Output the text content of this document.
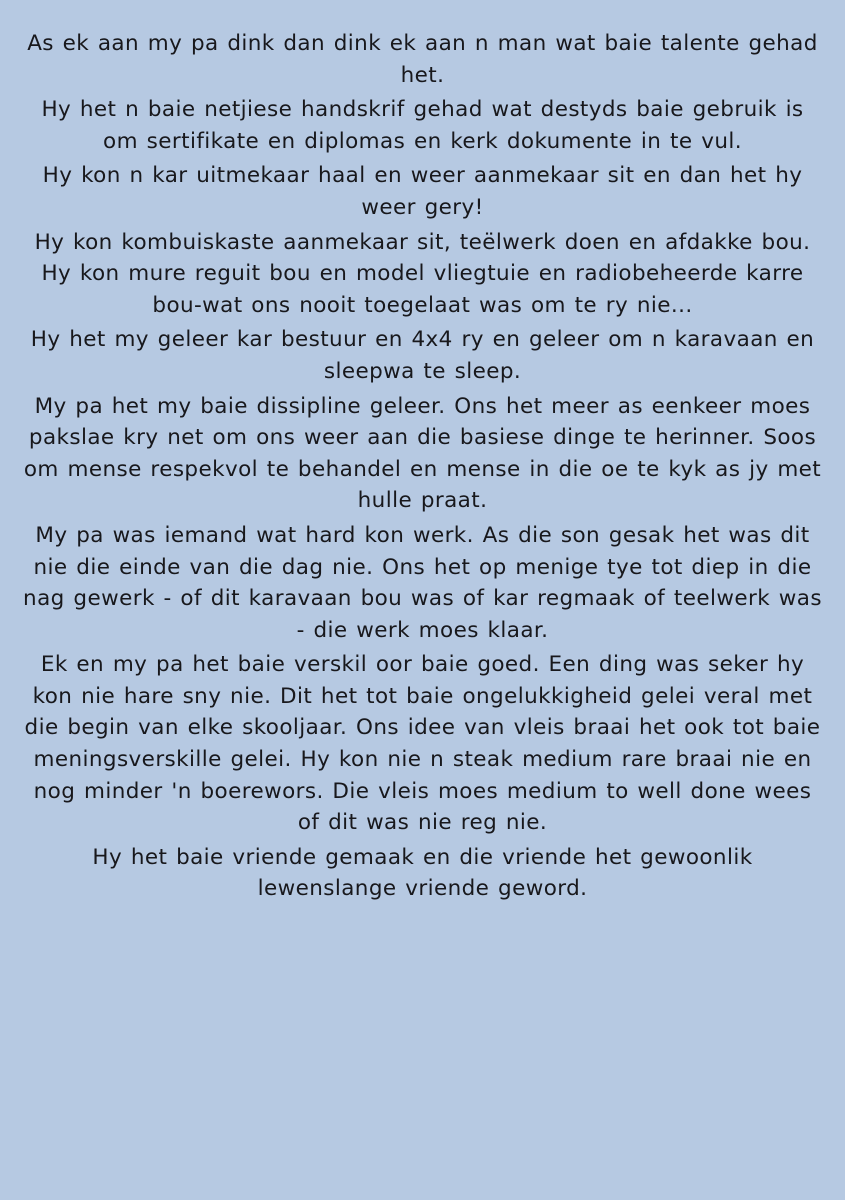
As ek aan my pa dink dan dink ek aan n man wat baie talente gehad het.

Hy het n baie netjiese handskrif gehad wat destyds baie gebruik is om sertifikate en diplomas en kerk dokumente in te vul.

Hy kon n kar uitmekaar haal en weer aanmekaar sit en dan het hy weer gery!

Hy kon kombuiskaste aanmekaar sit, teëlwerk doen en afdakke bou. Hy kon mure reguit bou en model vliegtuie en radiobeheerde karre bou-wat ons nooit toegelaat was om te ry nie...

Hy het my geleer kar bestuur en 4x4 ry en geleer om n karavaan en sleepwa te sleep.

My pa het my baie dissipline geleer. Ons het meer as eenkeer moes pakslae kry net om ons weer aan die basiese dinge te herinner. Soos om mense respekvol te behandel en mense in die oe te kyk as jy met hulle praat.

My pa was iemand wat hard kon werk. As die son gesak het was dit nie die einde van die dag nie. Ons het op menige tye tot diep in die nag gewerk - of dit karavaan bou was of kar regmaak of teelwerk was - die werk moes klaar.

Ek en my pa het baie verskil oor baie goed. Een ding was seker hy kon nie hare sny nie. Dit het tot baie ongelukkigheid gelei veral met die begin van elke skooljaar. Ons idee van vleis braai het ook tot baie meningsverskille gelei. Hy kon nie n steak medium rare braai nie en nog minder 'n boerewors. Die vleis moes medium to well done wees of dit was nie reg nie.

Hy het baie vriende gemaak en die vriende het gewoonlik lewenslange vriende geword.
